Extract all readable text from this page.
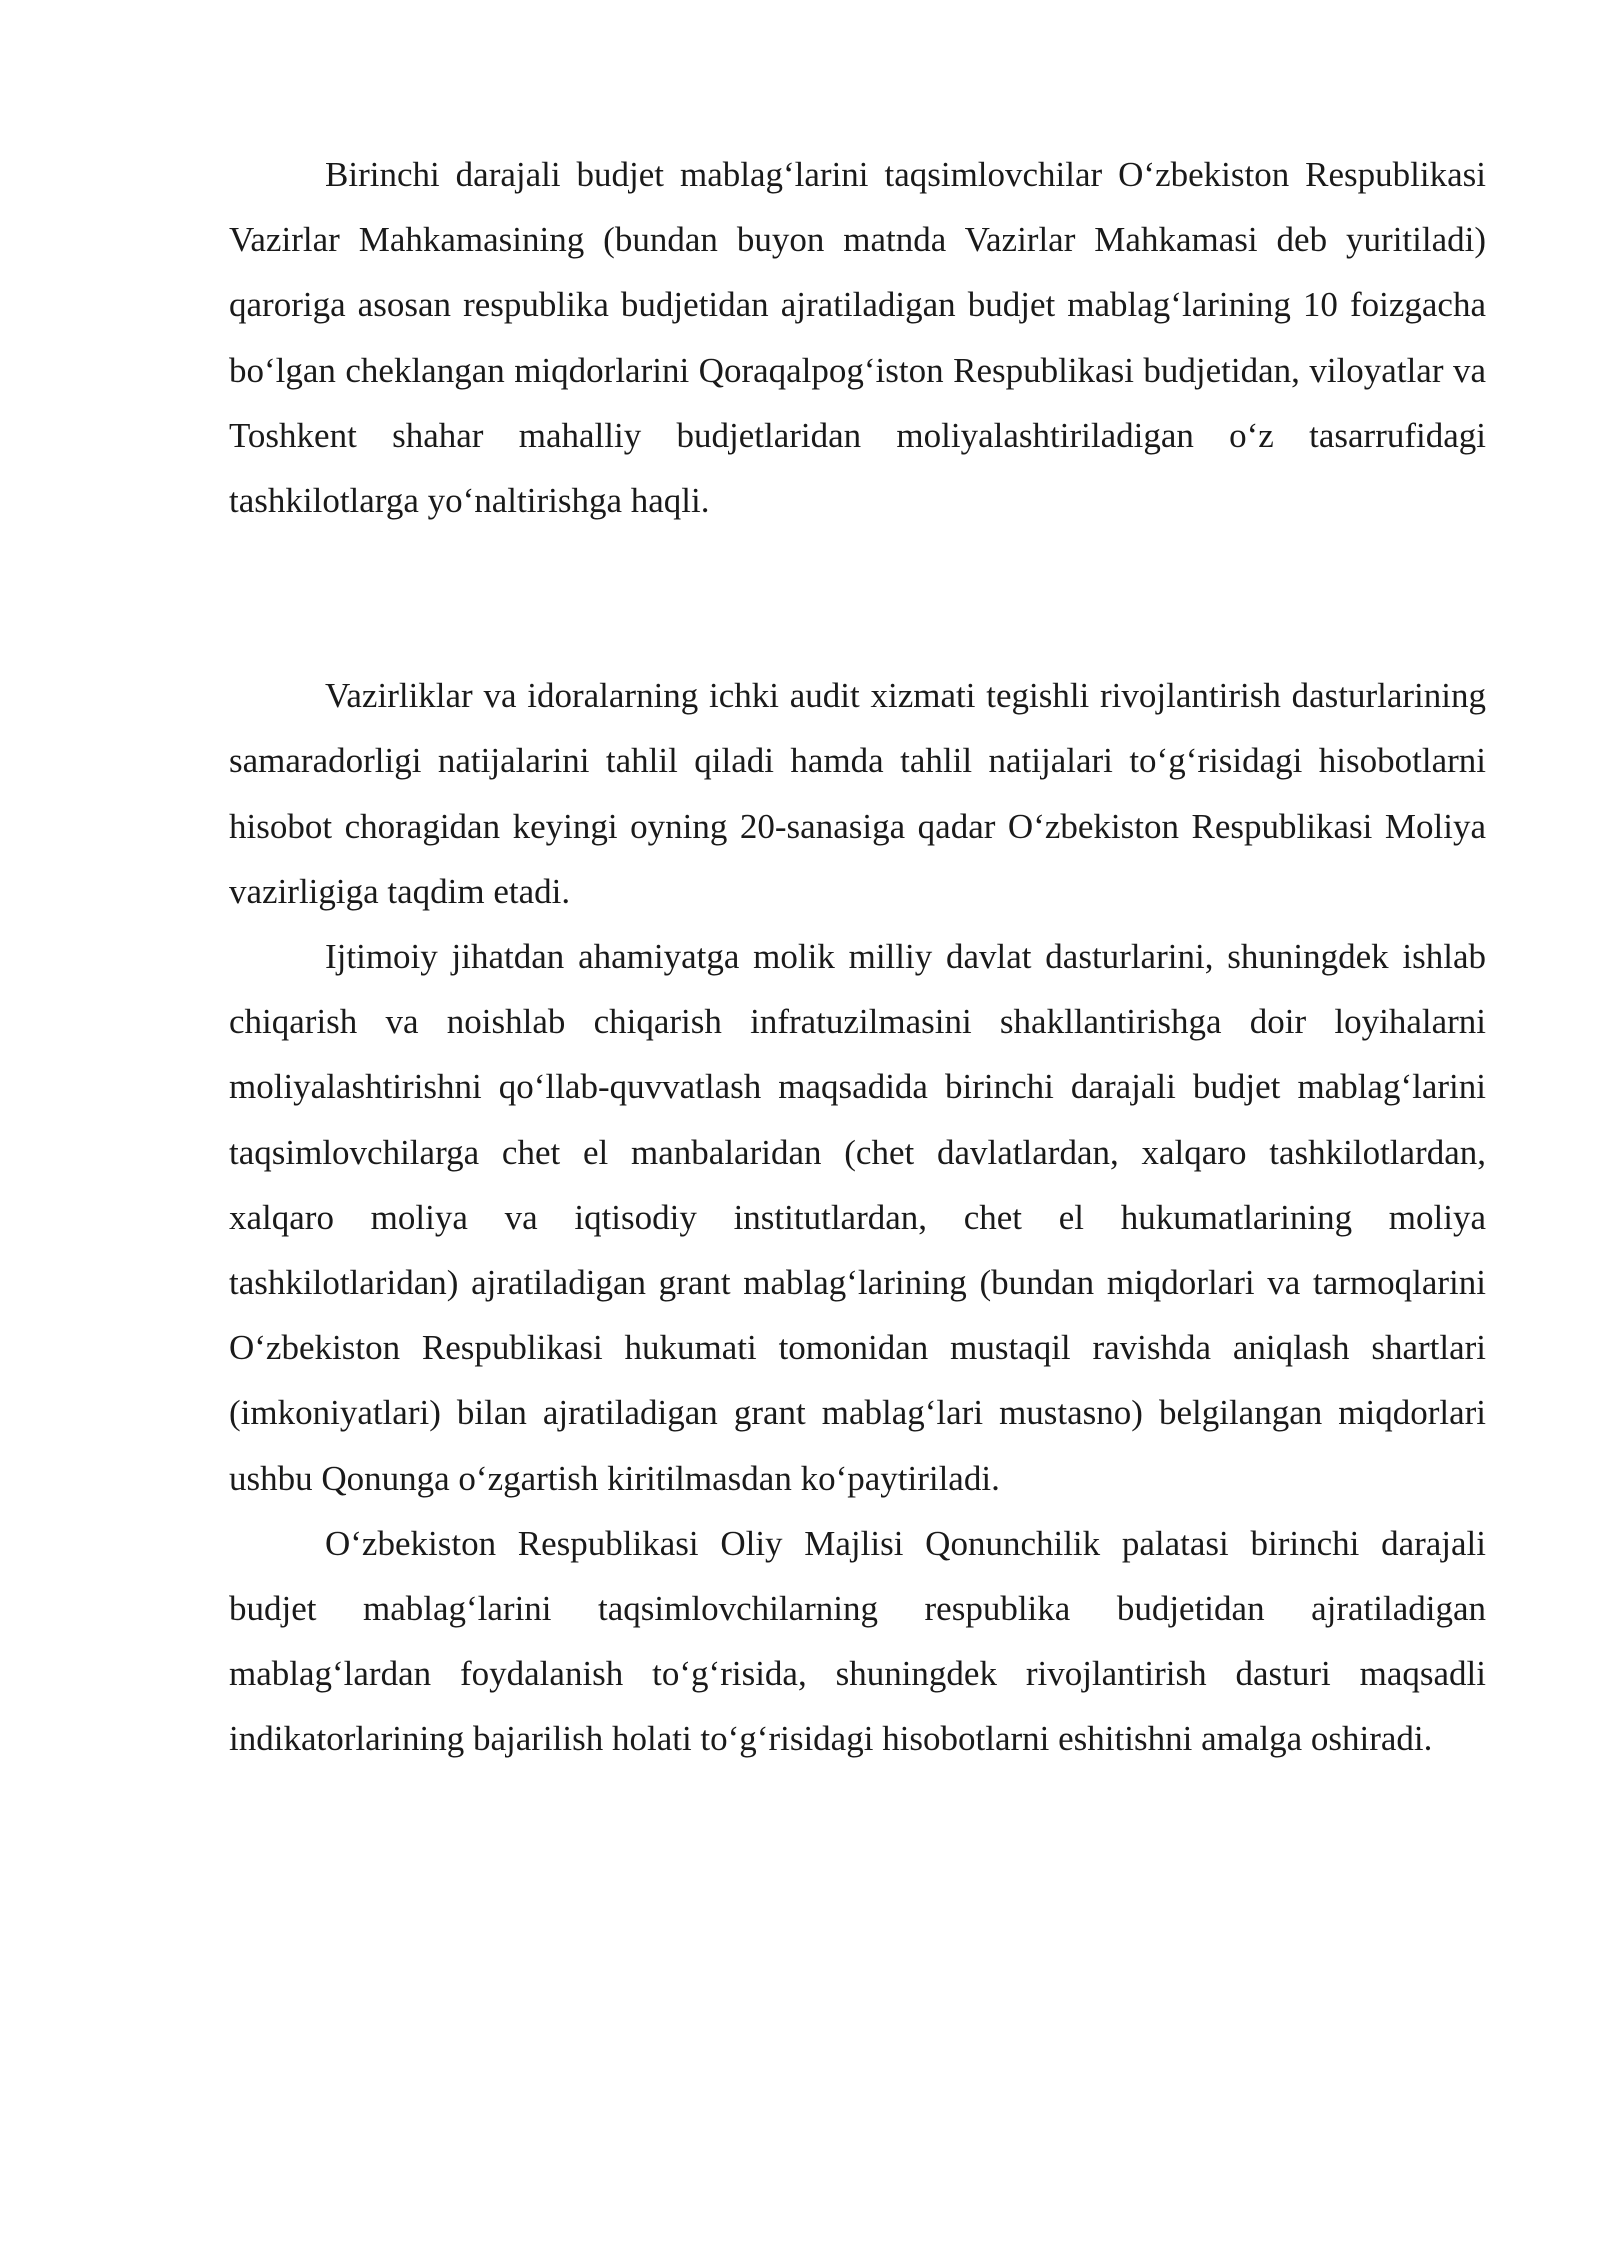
Birinchi darajali budjet mablag‘larini taqsimlovchilar O‘zbekiston Respublikasi Vazirlar Mahkamasining (bundan buyon matnda Vazirlar Mahkamasi deb yuritiladi) qaroriga asosan respublika budjetidan ajratiladigan budjet mablag‘larining 10 foizgacha bo‘lgan cheklangan miqdorlarini Qoraqalpog‘iston Respublikasi budjetidan, viloyatlar va Toshkent shahar mahalliy budjetlaridan moliyalashtiriladigan o‘z tasarrufidagi tashkilotlarga yo‘naltirishga haqli.

Vazirliklar va idoralarning ichki audit xizmati tegishli rivojlantirish dasturlarining samaradorligi natijalarini tahlil qiladi hamda tahlil natijalari to‘g‘risidagi hisobotlarni hisobot choragidan keyingi oyning 20-sanasiga qadar O‘zbekiston Respublikasi Moliya vazirligiga taqdim etadi.

Ijtimoiy jihatdan ahamiyatga molik milliy davlat dasturlarini, shuningdek ishlab chiqarish va noishlab chiqarish infratuzilmasini shakllantirishga doir loyihalarni moliyalashtirishni qo‘llab-quvvatlash maqsadida birinchi darajali budjet mablag‘larini taqsimlovchilarga chet el manbalaridan (chet davlatlardan, xalqaro tashkilotlardan, xalqaro moliya va iqtisodiy institutlardan, chet el hukumatlarining moliya tashkilotlaridan) ajratiladigan grant mablag‘larining (bundan miqdorlari va tarmoqlarini O‘zbekiston Respublikasi hukumati tomonidan mustaqil ravishda aniqlash shartlari (imkoniyatlari) bilan ajratiladigan grant mablag‘lari mustasno) belgilangan miqdorlari ushbu Qonunga o‘zgartish kiritilmasdan ko‘paytiriladi.

O‘zbekiston Respublikasi Oliy Majlisi Qonunchilik palatasi birinchi darajali budjet mablag‘larini taqsimlovchilarning respublika budjetidan ajratiladigan mablag‘lardan foydalanish to‘g‘risida, shuningdek rivojlantirish dasturi maqsadli indikatorlarining bajarilish holati to‘g‘risidagi hisobotlarni eshitishni amalga oshiradi.
